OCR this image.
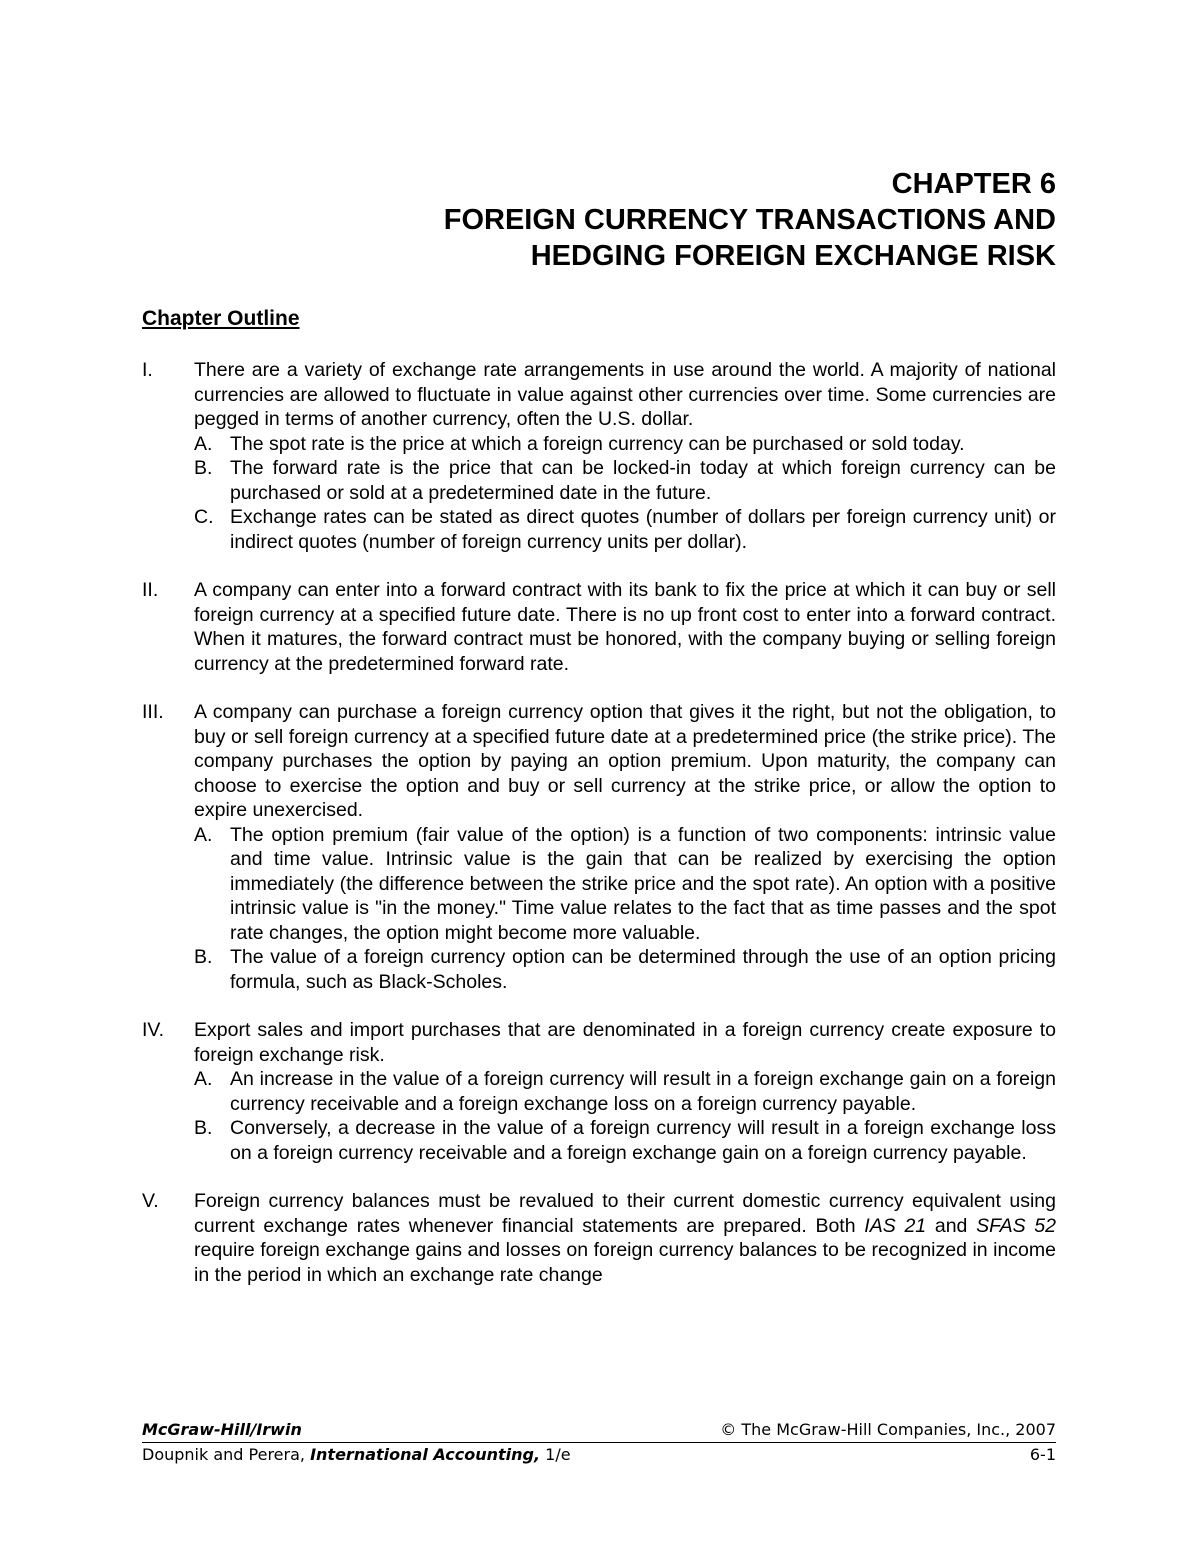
CHAPTER 6
FOREIGN CURRENCY TRANSACTIONS AND
HEDGING FOREIGN EXCHANGE RISK
Chapter Outline
I. There are a variety of exchange rate arrangements in use around the world. A majority of national currencies are allowed to fluctuate in value against other currencies over time. Some currencies are pegged in terms of another currency, often the U.S. dollar.

A. The spot rate is the price at which a foreign currency can be purchased or sold today.

B. The forward rate is the price that can be locked-in today at which foreign currency can be purchased or sold at a predetermined date in the future.

C. Exchange rates can be stated as direct quotes (number of dollars per foreign currency unit) or indirect quotes (number of foreign currency units per dollar).

II. A company can enter into a forward contract with its bank to fix the price at which it can buy or sell foreign currency at a specified future date. There is no up front cost to enter into a forward contract. When it matures, the forward contract must be honored, with the company buying or selling foreign currency at the predetermined forward rate.

III. A company can purchase a foreign currency option that gives it the right, but not the obligation, to buy or sell foreign currency at a specified future date at a predetermined price (the strike price). The company purchases the option by paying an option premium. Upon maturity, the company can choose to exercise the option and buy or sell currency at the strike price, or allow the option to expire unexercised.

A. The option premium (fair value of the option) is a function of two components: intrinsic value and time value. Intrinsic value is the gain that can be realized by exercising the option immediately (the difference between the strike price and the spot rate). An option with a positive intrinsic value is "in the money." Time value relates to the fact that as time passes and the spot rate changes, the option might become more valuable.

B. The value of a foreign currency option can be determined through the use of an option pricing formula, such as Black-Scholes.

IV. Export sales and import purchases that are denominated in a foreign currency create exposure to foreign exchange risk.

A. An increase in the value of a foreign currency will result in a foreign exchange gain on a foreign currency receivable and a foreign exchange loss on a foreign currency payable.

B. Conversely, a decrease in the value of a foreign currency will result in a foreign exchange loss on a foreign currency receivable and a foreign exchange gain on a foreign currency payable.

V. Foreign currency balances must be revalued to their current domestic currency equivalent using current exchange rates whenever financial statements are prepared. Both IAS 21 and SFAS 52 require foreign exchange gains and losses on foreign currency balances to be recognized in income in the period in which an exchange rate change

McGraw-Hill/Irwin	© The McGraw-Hill Companies, Inc., 2007
Doupnik and Perera, International Accounting, 1/e	6-1
